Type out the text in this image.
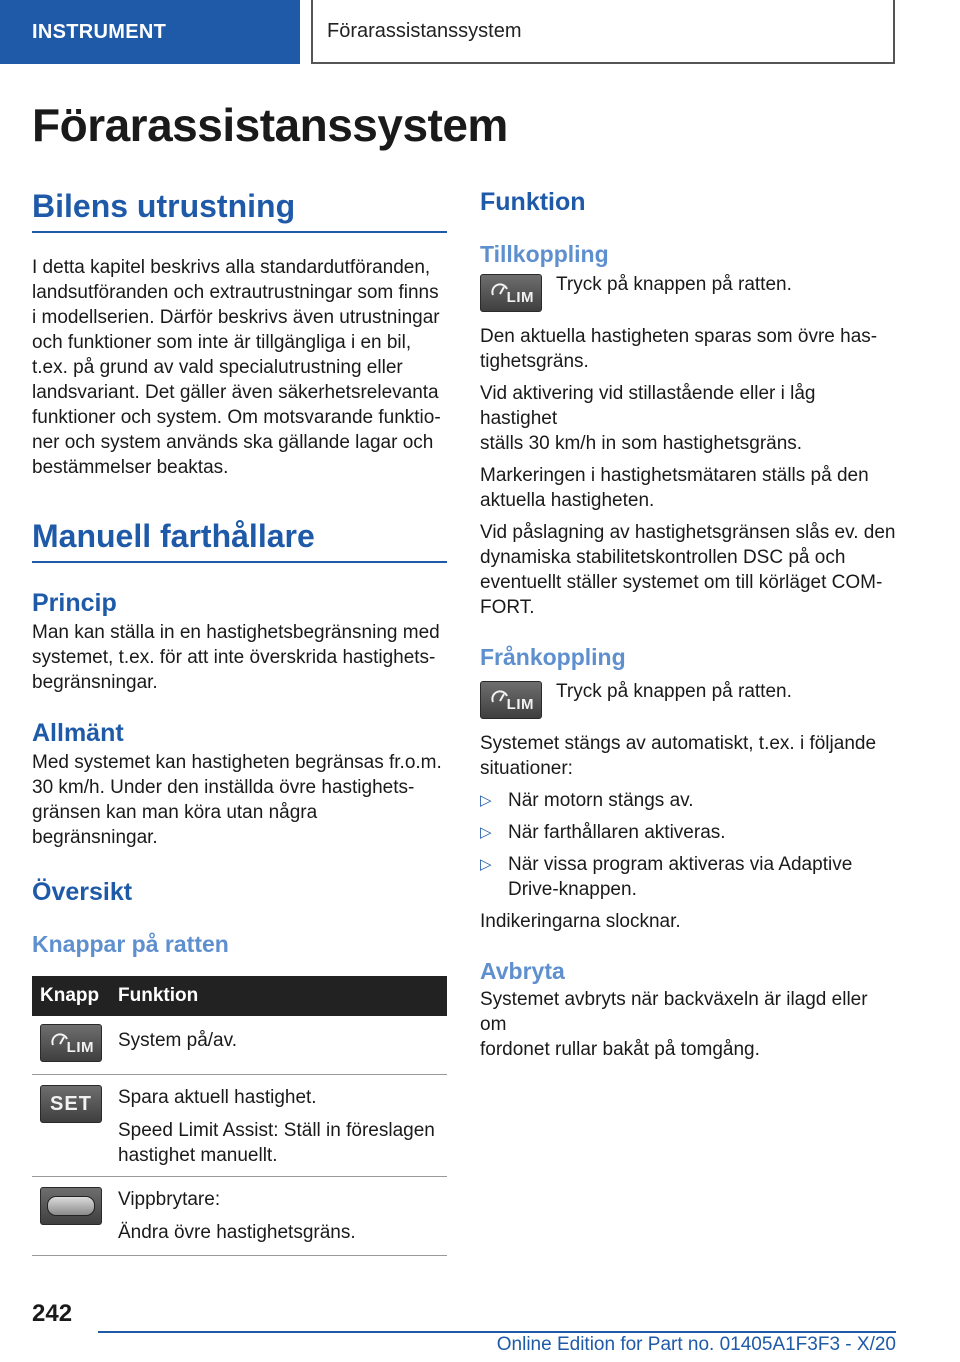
INSTRUMENT	Förarassistanssystem
Förarassistanssystem
Bilens utrustning

I detta kapitel beskrivs alla standardutföranden,
landsutföranden och extrautrustningar som finns
i modellserien. Därför beskrivs även utrustningar
och funktioner som inte är tillgängliga i en bil,
t.ex. på grund av vald specialutrustning eller
landsvariant. Det gäller även säkerhetsrelevanta
funktioner och system. Om motsvarande funktio‐
ner och system används ska gällande lagar och
bestämmelser beaktas.

Manuell farthållare
Princip

Man kan ställa in en hastighetsbegränsning med
systemet, t.ex. för att inte överskrida hastighets‐
begränsningar.

Allmänt

Med systemet kan hastigheten begränsas fr.o.m.
30 km/h. Under den inställda övre hastighets‐
gränsen kan man köra utan några begränsningar.

Översikt
Knappar på ratten
Knapp	Funktion

LIM	System på/av.

SET	Spara aktuell hastighet.
Speed Limit Assist: Ställ in föreslagen
hastighet manuellt.

	Vippbrytare:
Ändra övre hastighetsgräns.
Funktion
Tillkoppling
LIM
Tryck på knappen på ratten.

Den aktuella hastigheten sparas som övre has‐
tighetsgräns.

Vid aktivering vid stillastående eller i låg hastighet
ställs 30 km/h in som hastighetsgräns.

Markeringen i hastighetsmätaren ställs på den
aktuella hastigheten.

Vid påslagning av hastighetsgränsen slås ev. den
dynamiska stabilitetskontrollen DSC på och
eventuellt ställer systemet om till körläget COM‐
FORT.

Frånkoppling
LIM
Tryck på knappen på ratten.

Systemet stängs av automatiskt, t.ex. i följande
situationer:

▷ När motorn stängs av.
▷ När farthållaren aktiveras.
▷ När vissa program aktiveras via Adaptive
Drive-knappen.

Indikeringarna slocknar.

Avbryta

Systemet avbryts när backväxeln är ilagd eller om
fordonet rullar bakåt på tomgång.

242
Online Edition for Part no. 01405A1F3F3 - X/20
